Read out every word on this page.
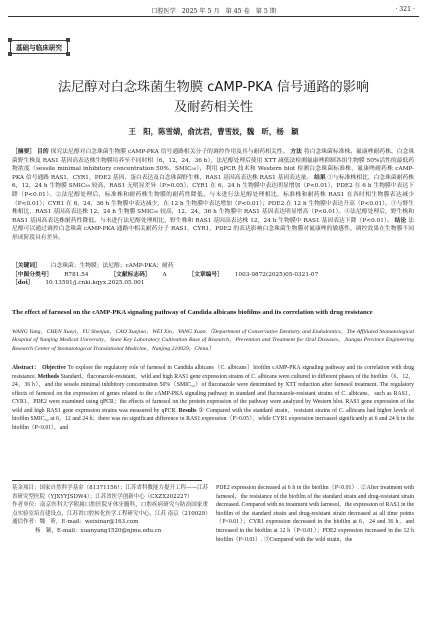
口腔医学 2025 年 5 月 第 45 卷 第 5 期	· 321 ·
基础与临床研究
法尼醇对白念珠菌生物膜 cAMP-PKA 信号通路的影响
及耐药相关性
王　阳，陈雪婧，俞沈君，曹雪妓，魏　昕，杨　颖

［摘要］ 目的 探究法尼醇对白念珠菌生物膜 cAMP-PKA 信号通路相关分子的调控作用及其与耐药相关性。 方法 将白念珠菌标准株、氟康唑耐药株、白念珠菌野生株及 RAS1 基因高表达株生物膜培养至不同时相（6，12，24，36 h），法尼醇处理后使用 XTT 减低法检测氟康唑抑制各组生物膜 50%活性的最低药物浓度（sessile minimal inhibitory concentration 50%，SMIC₅₀），利用 qPCR 技术和 Western blot 检测白念珠菌标准株、氟康唑耐药株 cAMP-PKA 信号通路 RAS1，CYR1，PDE2 基因、蛋白表达及白念珠菌野生株，RAS1 基因高表达株 RAS1 基因表达量。 结果 ①与标准株相比，白念珠菌耐药株 6，12，24 h 生物膜 SMIC₅₀ 较高，RAS1 无明显差异（P>0.05），CYR1 在 6，24 h 生物膜中表达明显增加（P<0.01），PDE2 在 6 h 生物膜中表达下降（P<0.01）。②法尼醇处理后，标准株和耐药株生物膜的耐药性降低。与未进行法尼醇处理相比，标准株和耐药株 RAS1 在各时相生物膜表达减少（P<0.01）；CYR1 在 6，24，36 h 生物膜中表达减少，在 12 h 生物膜中表达增加（P<0.01）；PDE2 在 12 h 生物膜中表达升高（P<0.01）。③与野生株相比，RAS1 基因高表达株 12，24 h 生物膜 SMIC₅₀ 较高，12，24，36 h 生物膜中 RAS1 基因表达明显增高（P<0.01）。④法尼醇处理后，野生株和 RAS1 基因高表达株耐药性降低。与未进行法尼醇处理相比，野生株和 RAS1 基因高表达株 12，24 h 生物膜中 RAS1 基因表达下降（P<0.01）。 结论 法尼醇可以通过调控白念珠菌 cAMP-PKA 通路中相关耐药分子 RAS1，CYR1，PDE2 的表达影响白念珠菌生物膜对氟康唑的敏感性，调控效果在生物膜不同形成阶段具有差异。

［关键词］ 白念珠菌；生物膜；法尼醇；cAMP-PKA；耐药
［中图分类号］ R781.54	［文献标志码］ A	［文章编号］ 1003-9872(2025)05-0321-07
［doi］ 10.13591/j.cnki.kqyx.2025.05.001
The effect of farnesol on the cAMP-PKA signaling pathway of Candida albicans biofilms and its correlation with drug resistance
WANG Yang，CHEN Xueyi，YU Shenjun，CAO Xuejiao，WEI Xin，YANG Xuan.（Department of Conservative Dentistry and Endodontics，The Affiliated Stomatological Hospital of Nanjing Medical University，State Key Laboratory Cultivation Base of Research，Prevention and Treatment for Oral Diseases，Jiangsu Province Engineering Research Center of Stomatological Translational Medicine，Nanjing 210029，China）

Abstract： Objective To explore the regulatory role of farnesol in Candida albicans（C. albicans）biofilm cAMP-PKA signaling pathway and its correlation with drug resistance. Methods Standard，fluconazole-resistant，wild and high RAS1 gene expression strains of C. albicans were cultured to different phases of the biofilm（6，12，24，36 h），and the sessile minimal inhibitory concentration 50%（SMIC₅₀）of fluconazole were determined by XTT reduction after farnesol treatment. The regulatory effects of farnesol on the expression of genes related to the cAMP-PKA signaling pathway in standard and fluconazole-resistant strains of C. albicans，such as RAS1，CYR1，PDE2 were examined using qPCR；the effects of farnesol on the protein expression of the pathway were analyzed by Western blot. RAS1 gene expression of the wild and high RAS1 gene expression strains was measured by qPCR. Results ① Compared with the standard strain，resistant strains of C. albicans had higher levels of biofilm SMIC₅₀ at 6，12 and 24 h；there was no significant difference in RAS1 expression（P>0.05），while CYR1 expression increased significantly at 6 and 24 h in the biofilm（P<0.01），and

基金项目：国家自然科学基金（81371156）；江苏省科教能力提升工程——江苏省研究型医院（YJXYYJSDW4）；江苏省医学创新中心（CXZX202227）

作者单位：南京医科大学附属口腔医院牙体牙髓科，口腔疾病研究与防治国家重点实验室培育建设点，江苏省口腔转化医学工程研究中心，江苏 南京（210029）

通信作者：魏　昕，E-mail：weixinar@163.com

杨　颖，E-mail：xuanyang1520@njmu.edu.cn

PDE2 expression decreased at 6 h in the biofilm（P<0.01）. ②After treatment with farnesol，the resistance of the biofilm of the standard strain and drug-resistant strain decreased. Compared with no treatment with farnesol，the expression of RAS1 in the biofilm of the standard strain and drug-resistant strain decreased at all time points（P<0.01）；CYR1 expression decreased in the biofilm at 6，24 and 36 h，and increased in the biofilm at 12 h（P<0.01）；PDE2 expression increased in the 12 h biofilm（P<0.01）. ③Compared with the wild strain，the
